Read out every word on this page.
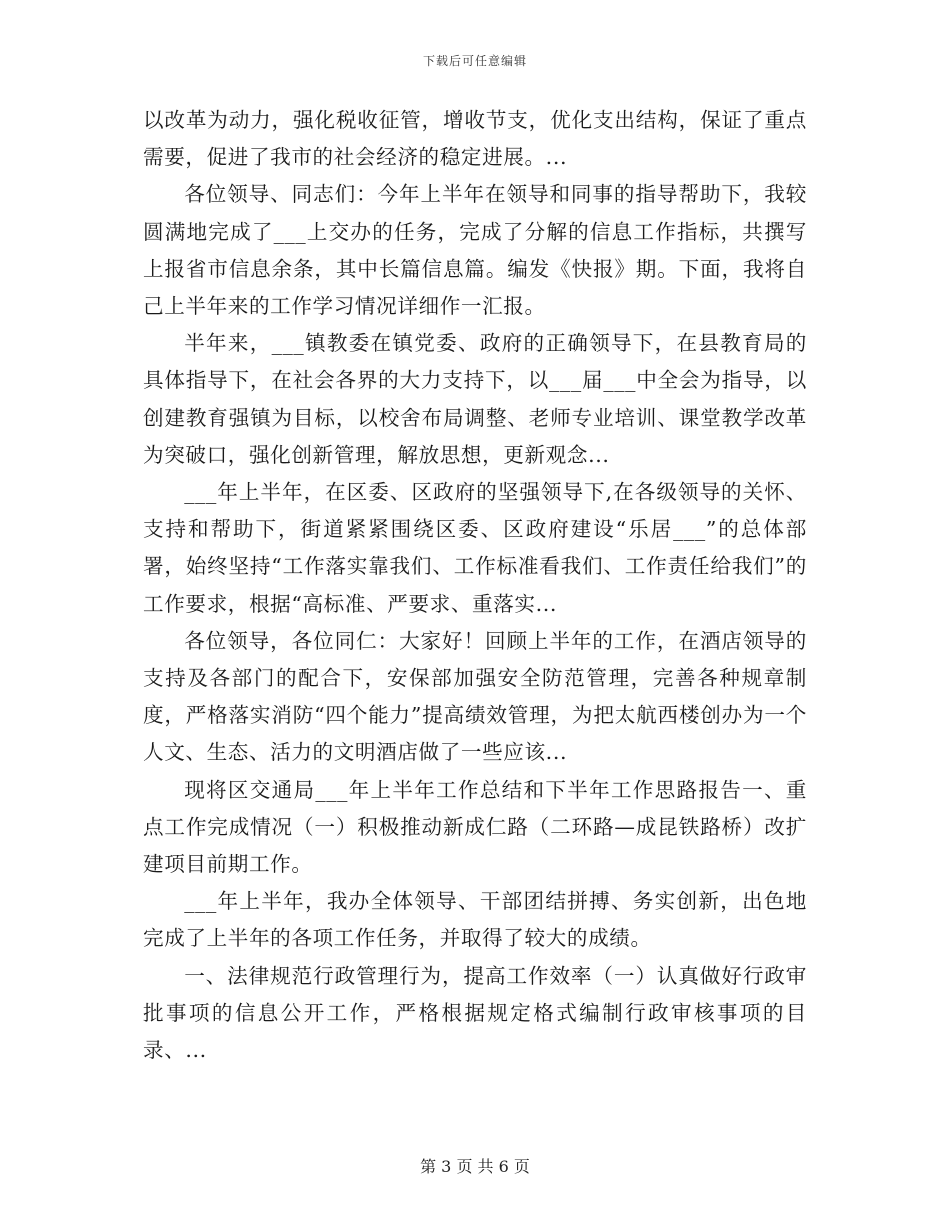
下载后可任意编辑

以改革为动力，强化税收征管，增收节支，优化支出结构，保证了重点需要，促进了我市的社会经济的稳定进展。...

各位领导、同志们：今年上半年在领导和同事的指导帮助下，我较圆满地完成了___上交办的任务，完成了分解的信息工作指标，共撰写上报省市信息余条，其中长篇信息篇。编发《快报》期。下面，我将自己上半年来的工作学习情况详细作一汇报。

半年来，___镇教委在镇党委、政府的正确领导下，在县教育局的具体指导下，在社会各界的大力支持下，以___届___中全会为指导，以创建教育强镇为目标，以校舍布局调整、老师专业培训、课堂教学改革为突破口，强化创新管理，解放思想，更新观念...

___年上半年，在区委、区政府的坚强领导下,在各级领导的关怀、支持和帮助下，街道紧紧围绕区委、区政府建设“乐居___”的总体部署，始终坚持“工作落实靠我们、工作标准看我们、工作责任给我们”的工作要求，根据“高标准、严要求、重落实...

各位领导，各位同仁：大家好！回顾上半年的工作，在酒店领导的支持及各部门的配合下，安保部加强安全防范管理，完善各种规章制度，严格落实消防“四个能力”提高绩效管理，为把太航西楼创办为一个人文、生态、活力的文明酒店做了一些应该...

现将区交通局___年上半年工作总结和下半年工作思路报告一、重点工作完成情况（一）积极推动新成仁路（二环路—成昆铁路桥）改扩建项目前期工作。

___年上半年，我办全体领导、干部团结拼搏、务实创新，出色地完成了上半年的各项工作任务，并取得了较大的成绩。

一、法律规范行政管理行为，提高工作效率（一）认真做好行政审批事项的信息公开工作，严格根据规定格式编制行政审核事项的目录、...

第 3 页 共 6 页
